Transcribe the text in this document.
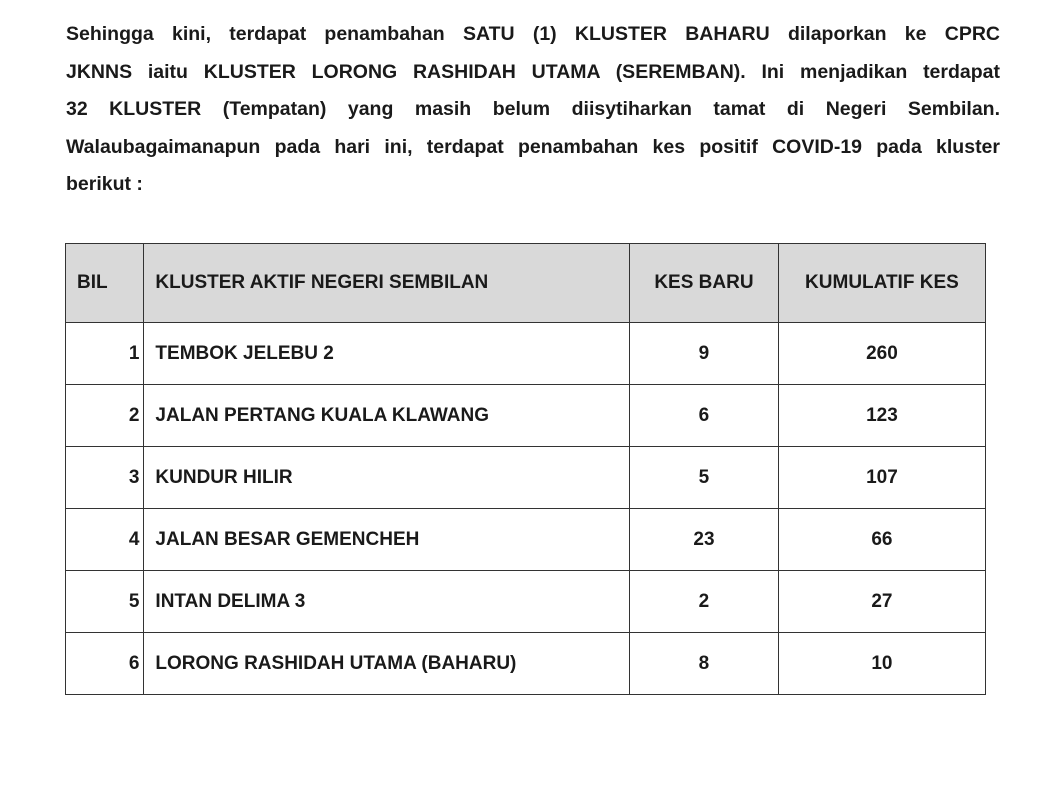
Sehingga kini, terdapat penambahan SATU (1) KLUSTER BAHARU dilaporkan ke CPRC
JKNNS iaitu KLUSTER LORONG RASHIDAH UTAMA (SEREMBAN). Ini menjadikan terdapat
32 KLUSTER (Tempatan) yang masih belum diisytiharkan tamat di Negeri Sembilan.
Walaubagaimanapun pada hari ini, terdapat penambahan kes positif COVID-19 pada kluster
berikut :
BIL	KLUSTER AKTIF NEGERI SEMBILAN	KES BARU	KUMULATIF KES
1	TEMBOK JELEBU 2	9	260
2	JALAN PERTANG KUALA KLAWANG	6	123
3	KUNDUR HILIR	5	107
4	JALAN BESAR GEMENCHEH	23	66
5	INTAN DELIMA 3	2	27
6	LORONG RASHIDAH UTAMA (BAHARU)	8	10
